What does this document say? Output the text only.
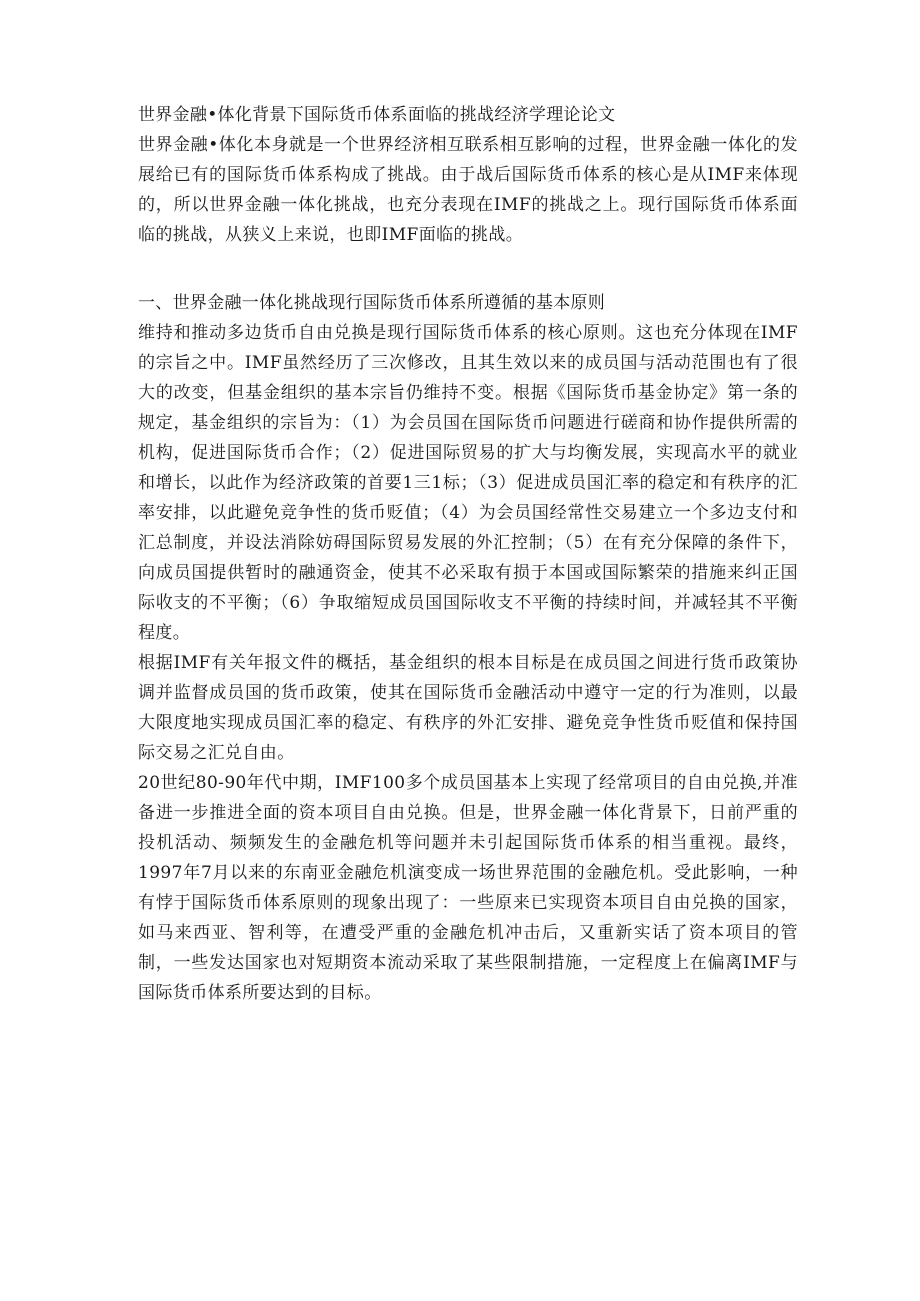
世界金融•体化背景下国际货币体系面临的挑战经济学理论论文

世界金融•体化本身就是一个世界经济相互联系相互影响的过程，世界金融一体化的发展给已有的国际货币体系构成了挑战。由于战后国际货币体系的核心是从IMF来体现的，所以世界金融一体化挑战，也充分表现在IMF的挑战之上。现行国际货币体系面临的挑战，从狭义上来说，也即IMF面临的挑战。

一、世界金融一体化挑战现行国际货币体系所遵循的基本原则

维持和推动多边货币自由兑换是现行国际货币体系的核心原则。这也充分体现在IMF的宗旨之中。IMF虽然经历了三次修改，且其生效以来的成员国与活动范围也有了很大的改变，但基金组织的基本宗旨仍维持不变。根据《国际货币基金协定》第一条的规定，基金组织的宗旨为：（1）为会员国在国际货币问题进行磋商和协作提供所需的机构，促进国际货币合作；（2）促进国际贸易的扩大与均衡发展，实现高水平的就业和增长，以此作为经济政策的首要1三1标；（3）促进成员国汇率的稳定和有秩序的汇率安排，以此避免竞争性的货币贬值；（4）为会员国经常性交易建立一个多边支付和汇总制度，并设法消除妨碍国际贸易发展的外汇控制；（5）在有充分保障的条件下，向成员国提供暂时的融通资金，使其不必采取有损于本国或国际繁荣的措施来纠正国际收支的不平衡；（6）争取缩短成员国国际收支不平衡的持续时间，并减轻其不平衡程度。

根据IMF有关年报文件的概括，基金组织的根本目标是在成员国之间进行货币政策协调并监督成员国的货币政策，使其在国际货币金融活动中遵守一定的行为准则，以最大限度地实现成员国汇率的稳定、有秩序的外汇安排、避免竞争性货币贬值和保持国际交易之汇兑自由。

20世纪80-90年代中期，IMF100多个成员国基本上实现了经常项目的自由兑换,并准备进一步推进全面的资本项目自由兑换。但是，世界金融一体化背景下，日前严重的投机活动、频频发生的金融危机等问题并未引起国际货币体系的相当重视。最终，1997年7月以来的东南亚金融危机演变成一场世界范围的金融危机。受此影响，一种有悖于国际货币体系原则的现象出现了：一些原来已实现资本项目自由兑换的国家，如马来西亚、智利等，在遭受严重的金融危机冲击后，又重新实话了资本项目的管制，一些发达国家也对短期资本流动采取了某些限制措施，一定程度上在偏离IMF与国际货币体系所要达到的目标。
